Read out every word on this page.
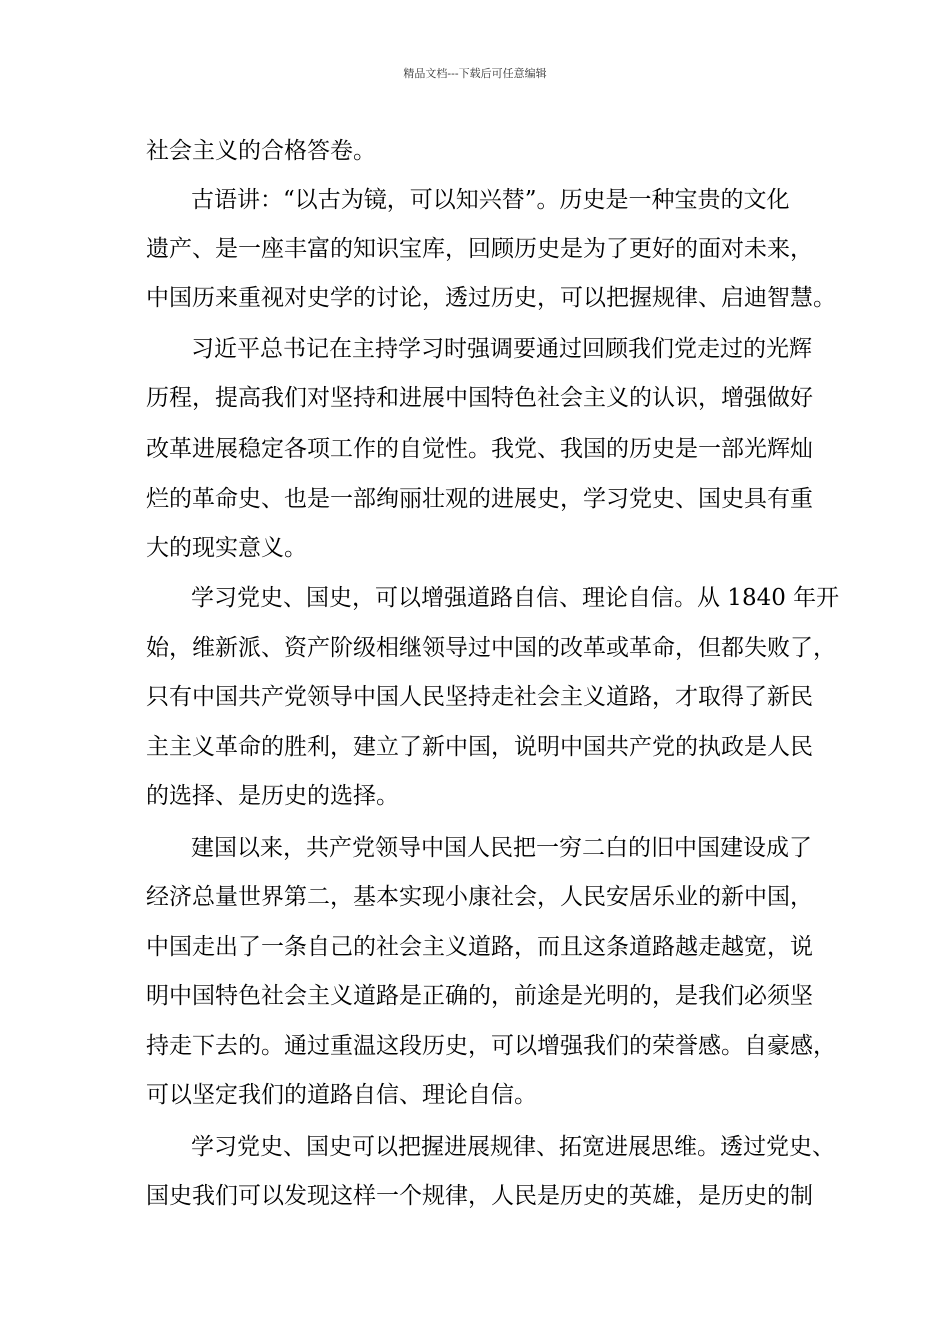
精品文档---下载后可任意编辑
社会主义的合格答卷。
古语讲：“以古为镜，可以知兴替”。历史是一种宝贵的文化
遗产、是一座丰富的知识宝库，回顾历史是为了更好的面对未来，
中国历来重视对史学的讨论，透过历史，可以把握规律、启迪智慧。
习近平总书记在主持学习时强调要通过回顾我们党走过的光辉
历程，提高我们对坚持和进展中国特色社会主义的认识，增强做好
改革进展稳定各项工作的自觉性。我党、我国的历史是一部光辉灿
烂的革命史、也是一部绚丽壮观的进展史，学习党史、国史具有重
大的现实意义。
学习党史、国史，可以增强道路自信、理论自信。从 1840 年开
始，维新派、资产阶级相继领导过中国的改革或革命，但都失败了，
只有中国共产党领导中国人民坚持走社会主义道路，才取得了新民
主主义革命的胜利，建立了新中国，说明中国共产党的执政是人民
的选择、是历史的选择。
建国以来，共产党领导中国人民把一穷二白的旧中国建设成了
经济总量世界第二，基本实现小康社会，人民安居乐业的新中国，
中国走出了一条自己的社会主义道路，而且这条道路越走越宽，说
明中国特色社会主义道路是正确的，前途是光明的，是我们必须坚
持走下去的。通过重温这段历史，可以增强我们的荣誉感。自豪感，
可以坚定我们的道路自信、理论自信。
学习党史、国史可以把握进展规律、拓宽进展思维。透过党史、
国史我们可以发现这样一个规律，人民是历史的英雄，是历史的制
